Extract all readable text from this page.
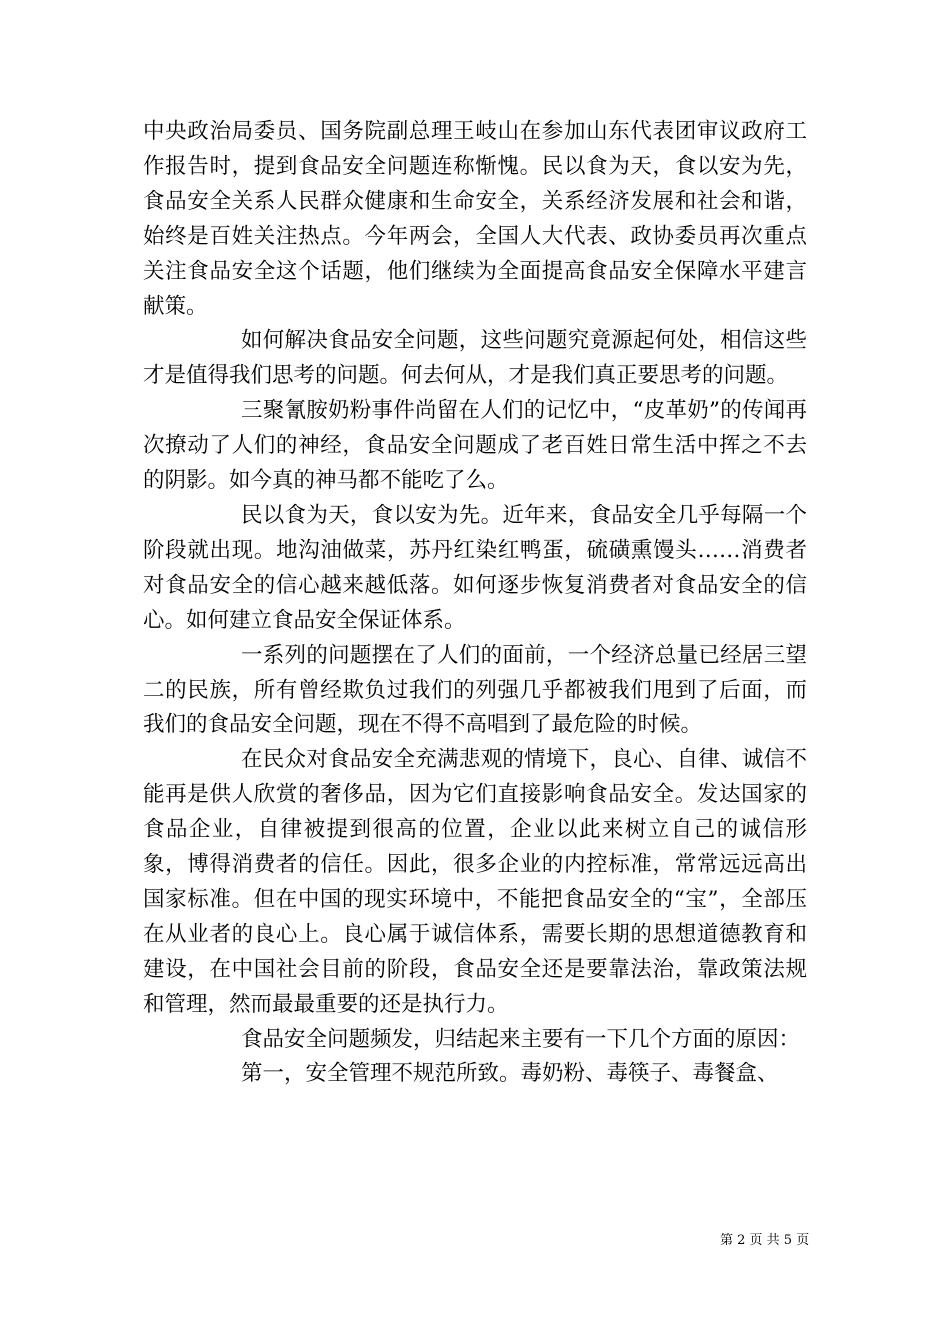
中央政治局委员、国务院副总理王岐山在参加山东代表团审议政府工作报告时，提到食品安全问题连称惭愧。民以食为天，食以安为先，食品安全关系人民群众健康和生命安全，关系经济发展和社会和谐，始终是百姓关注热点。今年两会，全国人大代表、政协委员再次重点关注食品安全这个话题，他们继续为全面提高食品安全保障水平建言献策。

如何解决食品安全问题，这些问题究竟源起何处，相信这些才是值得我们思考的问题。何去何从，才是我们真正要思考的问题。

三聚氰胺奶粉事件尚留在人们的记忆中，“皮革奶”的传闻再次撩动了人们的神经，食品安全问题成了老百姓日常生活中挥之不去的阴影。如今真的神马都不能吃了么。

民以食为天，食以安为先。近年来，食品安全几乎每隔一个阶段就出现。地沟油做菜，苏丹红染红鸭蛋，硫磺熏馒头……消费者对食品安全的信心越来越低落。如何逐步恢复消费者对食品安全的信心。如何建立食品安全保证体系。

一系列的问题摆在了人们的面前，一个经济总量已经居三望二的民族，所有曾经欺负过我们的列强几乎都被我们甩到了后面，而我们的食品安全问题，现在不得不高唱到了最危险的时候。

在民众对食品安全充满悲观的情境下，良心、自律、诚信不能再是供人欣赏的奢侈品，因为它们直接影响食品安全。发达国家的食品企业，自律被提到很高的位置，企业以此来树立自己的诚信形象，博得消费者的信任。因此，很多企业的内控标准，常常远远高出国家标准。但在中国的现实环境中，不能把食品安全的“宝”，全部压在从业者的良心上。良心属于诚信体系，需要长期的思想道德教育和建设，在中国社会目前的阶段，食品安全还是要靠法治，靠政策法规和管理，然而最最重要的还是执行力。

食品安全问题频发，归结起来主要有一下几个方面的原因：

第一，安全管理不规范所致。毒奶粉、毒筷子、毒餐盒、

第 2 页 共 5 页
